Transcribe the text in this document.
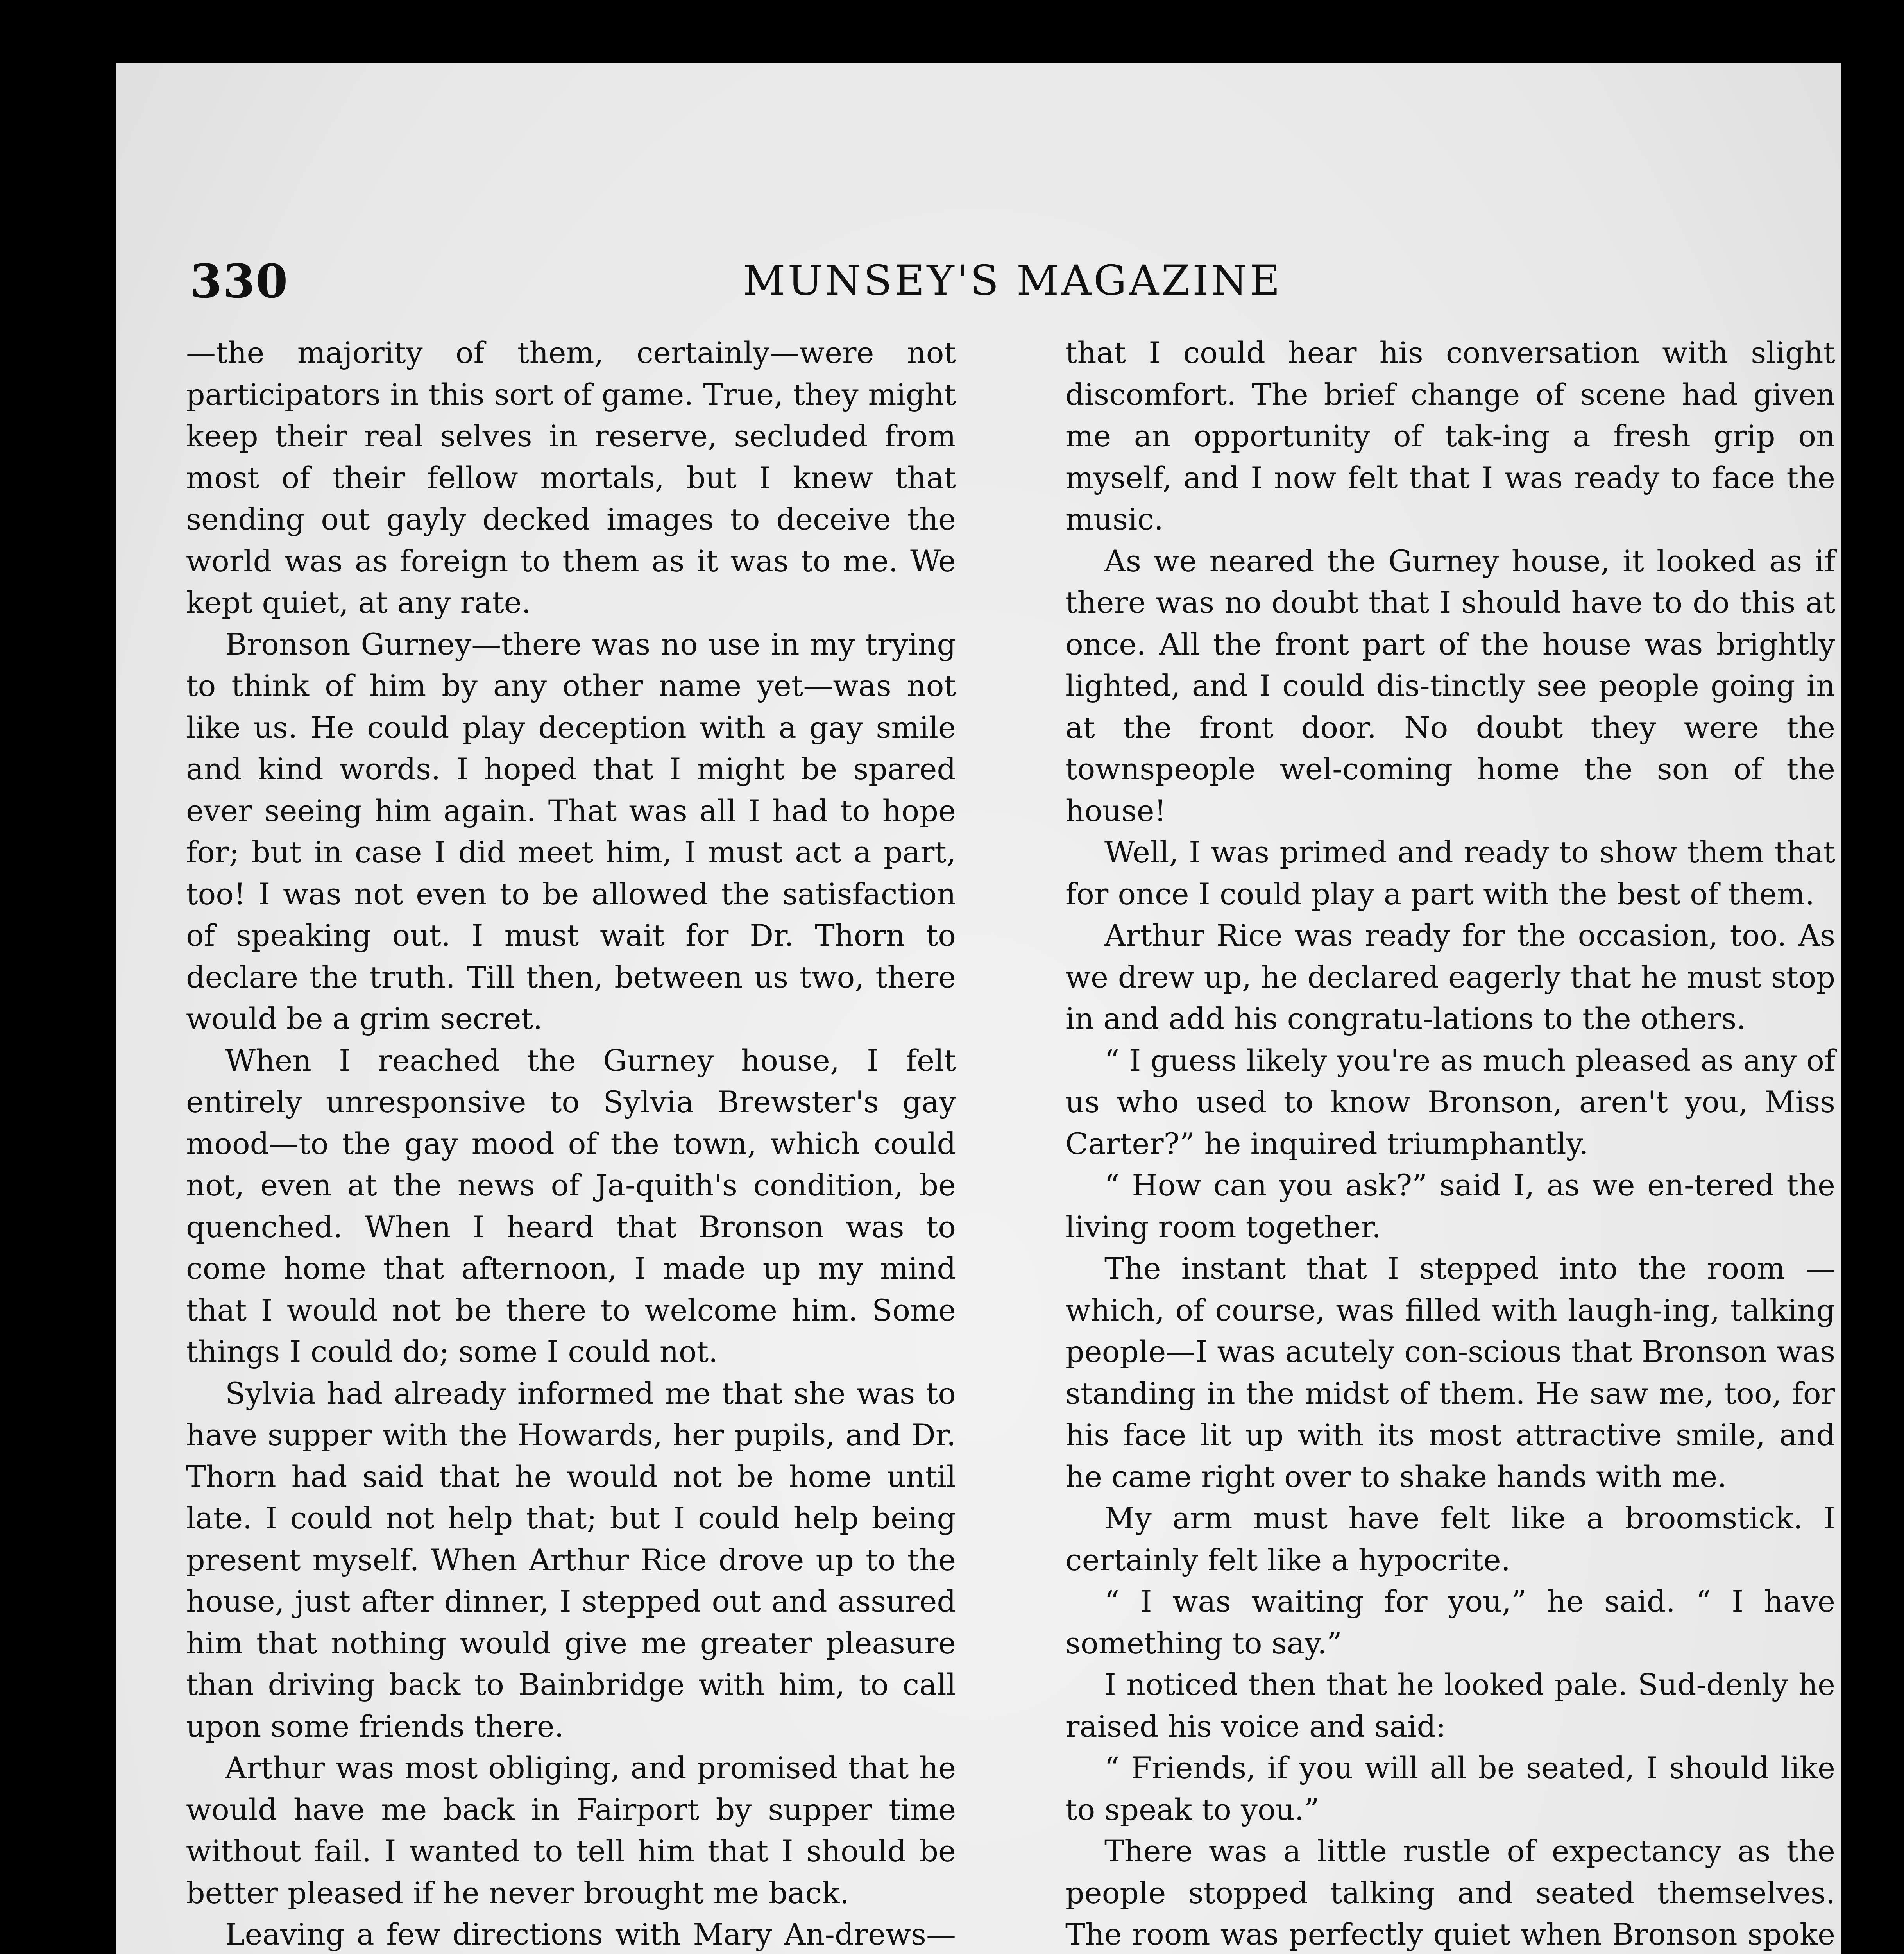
330	MUNSEY'S MAGAZINE

—the majority of them, certainly—were not participators in this sort of game. True, they might keep their real selves in reserve, secluded from most of their fellow mortals, but I knew that sending out gayly decked images to deceive the world was as foreign to them as it was to me. We kept quiet, at any rate.

Bronson Gurney—there was no use in my trying to think of him by any other name yet—was not like us. He could play deception with a gay smile and kind words. I hoped that I might be spared ever seeing him again. That was all I had to hope for; but in case I did meet him, I must act a part, too! I was not even to be allowed the satisfaction of speaking out. I must wait for Dr. Thorn to declare the truth. Till then, between us two, there would be a grim secret.

When I reached the Gurney house, I felt entirely unresponsive to Sylvia Brewster's gay mood—to the gay mood of the town, which could not, even at the news of Ja-quith's condition, be quenched. When I heard that Bronson was to come home that afternoon, I made up my mind that I would not be there to welcome him. Some things I could do; some I could not.

Sylvia had already informed me that she was to have supper with the Howards, her pupils, and Dr. Thorn had said that he would not be home until late. I could not help that; but I could help being present myself. When Arthur Rice drove up to the house, just after dinner, I stepped out and assured him that nothing would give me greater pleasure than driving back to Bainbridge with him, to call upon some friends there.

Arthur was most obliging, and promised that he would have me back in Fairport by supper time without fail. I wanted to tell him that I should be better pleased if he never brought me back.

Leaving a few directions with Mary An-drews—

that I could hear his conversation with slight discomfort. The brief change of scene had given me an opportunity of tak-ing a fresh grip on myself, and I now felt that I was ready to face the music.

As we neared the Gurney house, it looked as if there was no doubt that I should have to do this at once. All the front part of the house was brightly lighted, and I could dis-tinctly see people going in at the front door. No doubt they were the townspeople wel-coming home the son of the house!

Well, I was primed and ready to show them that for once I could play a part with the best of them.

Arthur Rice was ready for the occasion, too. As we drew up, he declared eagerly that he must stop in and add his congratu-lations to the others.

“ I guess likely you're as much pleased as any of us who used to know Bronson, aren't you, Miss Carter?” he inquired triumphantly.

“ How can you ask?” said I, as we en-tered the living room together.

The instant that I stepped into the room —which, of course, was filled with laugh-ing, talking people—I was acutely con-scious that Bronson was standing in the midst of them. He saw me, too, for his face lit up with its most attractive smile, and he came right over to shake hands with me.

My arm must have felt like a broomstick. I certainly felt like a hypocrite.

“ I was waiting for you,” he said. “ I have something to say.”

I noticed then that he looked pale. Sud-denly he raised his voice and said:

“ Friends, if you will all be seated, I should like to speak to you.”

There was a little rustle of expectancy as the people stopped talking and seated themselves. The room was perfectly quiet when Bronson spoke
